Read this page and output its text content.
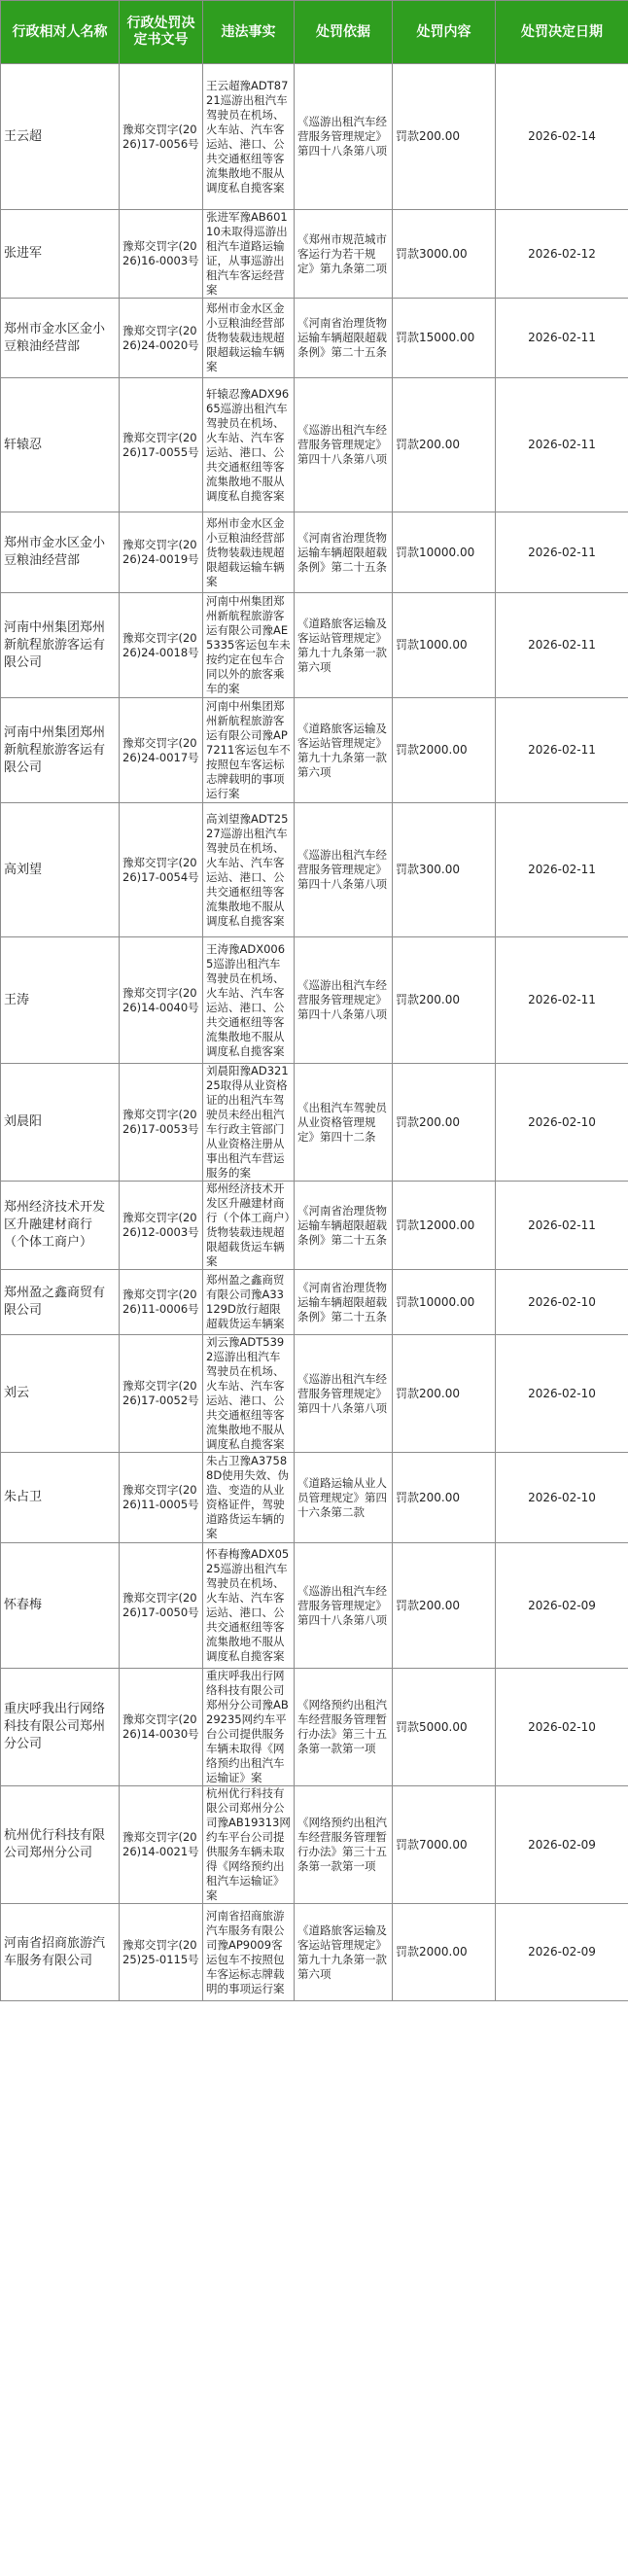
行政相对人名称	行政处罚决定书文号	违法事实	处罚依据	处罚内容	处罚决定日期
王云超	豫郑交罚字(2026)17-0056号	王云超豫ADT8721巡游出租汽车驾驶员在机场、火车站、汽车客运站、港口、公共交通枢纽等客流集散地不服从调度私自揽客案	《巡游出租汽车经营服务管理规定》第四十八条第八项	罚款200.00	2026-02-14
张进军	豫郑交罚字(2026)16-0003号	张进军豫AB60110未取得巡游出租汽车道路运输证，从事巡游出租汽车客运经营案	《郑州市规范城市客运行为若干规定》第九条第二项	罚款3000.00	2026-02-12
郑州市金水区金小豆粮油经营部	豫郑交罚字(2026)24-0020号	郑州市金水区金小豆粮油经营部货物装载违规超限超载运输车辆案	《河南省治理货物运输车辆超限超载条例》第二十五条	罚款15000.00	2026-02-11
轩辕忍	豫郑交罚字(2026)17-0055号	轩辕忍豫ADX9665巡游出租汽车驾驶员在机场、火车站、汽车客运站、港口、公共交通枢纽等客流集散地不服从调度私自揽客案	《巡游出租汽车经营服务管理规定》第四十八条第八项	罚款200.00	2026-02-11
郑州市金水区金小豆粮油经营部	豫郑交罚字(2026)24-0019号	郑州市金水区金小豆粮油经营部货物装载违规超限超载运输车辆案	《河南省治理货物运输车辆超限超载条例》第二十五条	罚款10000.00	2026-02-11
河南中州集团郑州新航程旅游客运有限公司	豫郑交罚字(2026)24-0018号	河南中州集团郑州新航程旅游客运有限公司豫AE5335客运包车未按约定在包车合同以外的旅客乘车的案	《道路旅客运输及客运站管理规定》第九十九条第一款第六项	罚款1000.00	2026-02-11
河南中州集团郑州新航程旅游客运有限公司	豫郑交罚字(2026)24-0017号	河南中州集团郑州新航程旅游客运有限公司豫AP7211客运包车不按照包车客运标志牌载明的事项运行案	《道路旅客运输及客运站管理规定》第九十九条第一款第六项	罚款2000.00	2026-02-11
高刘望	豫郑交罚字(2026)17-0054号	高刘望豫ADT2527巡游出租汽车驾驶员在机场、火车站、汽车客运站、港口、公共交通枢纽等客流集散地不服从调度私自揽客案	《巡游出租汽车经营服务管理规定》第四十八条第八项	罚款300.00	2026-02-11
王涛	豫郑交罚字(2026)14-0040号	王涛豫ADX0065巡游出租汽车驾驶员在机场、火车站、汽车客运站、港口、公共交通枢纽等客流集散地不服从调度私自揽客案	《巡游出租汽车经营服务管理规定》第四十八条第八项	罚款200.00	2026-02-11
刘晨阳	豫郑交罚字(2026)17-0053号	刘晨阳豫AD32125取得从业资格证的出租汽车驾驶员未经出租汽车行政主管部门从业资格注册从事出租汽车营运服务的案	《出租汽车驾驶员从业资格管理规定》第四十二条	罚款200.00	2026-02-10
郑州经济技术开发区升融建材商行（个体工商户）	豫郑交罚字(2026)12-0003号	郑州经济技术开发区升融建材商行（个体工商户）货物装载违规超限超载货运车辆案	《河南省治理货物运输车辆超限超载条例》第二十五条	罚款12000.00	2026-02-11
郑州盈之鑫商贸有限公司	豫郑交罚字(2026)11-0006号	郑州盈之鑫商贸有限公司豫A33129D放行超限超载货运车辆案	《河南省治理货物运输车辆超限超载条例》第二十五条	罚款10000.00	2026-02-10
刘云	豫郑交罚字(2026)17-0052号	刘云豫ADT5392巡游出租汽车驾驶员在机场、火车站、汽车客运站、港口、公共交通枢纽等客流集散地不服从调度私自揽客案	《巡游出租汽车经营服务管理规定》第四十八条第八项	罚款200.00	2026-02-10
朱占卫	豫郑交罚字(2026)11-0005号	朱占卫豫A37588D使用失效、伪造、变造的从业资格证件，驾驶道路货运车辆的案	《道路运输从业人员管理规定》第四十六条第二款	罚款200.00	2026-02-10
怀春梅	豫郑交罚字(2026)17-0050号	怀春梅豫ADX0525巡游出租汽车驾驶员在机场、火车站、汽车客运站、港口、公共交通枢纽等客流集散地不服从调度私自揽客案	《巡游出租汽车经营服务管理规定》第四十八条第八项	罚款200.00	2026-02-09
重庆呼我出行网络科技有限公司郑州分公司	豫郑交罚字(2026)14-0030号	重庆呼我出行网络科技有限公司郑州分公司豫AB29235网约车平台公司提供服务车辆未取得《网络预约出租汽车运输证》案	《网络预约出租汽车经营服务管理暂行办法》第三十五条第一款第一项	罚款5000.00	2026-02-10
杭州优行科技有限公司郑州分公司	豫郑交罚字(2026)14-0021号	杭州优行科技有限公司郑州分公司豫AB19313网约车平台公司提供服务车辆未取得《网络预约出租汽车运输证》案	《网络预约出租汽车经营服务管理暂行办法》第三十五条第一款第一项	罚款7000.00	2026-02-09
河南省招商旅游汽车服务有限公司	豫郑交罚字(2025)25-0115号	河南省招商旅游汽车服务有限公司豫AP9009客运包车不按照包车客运标志牌载明的事项运行案	《道路旅客运输及客运站管理规定》第九十九条第一款第六项	罚款2000.00	2026-02-09
